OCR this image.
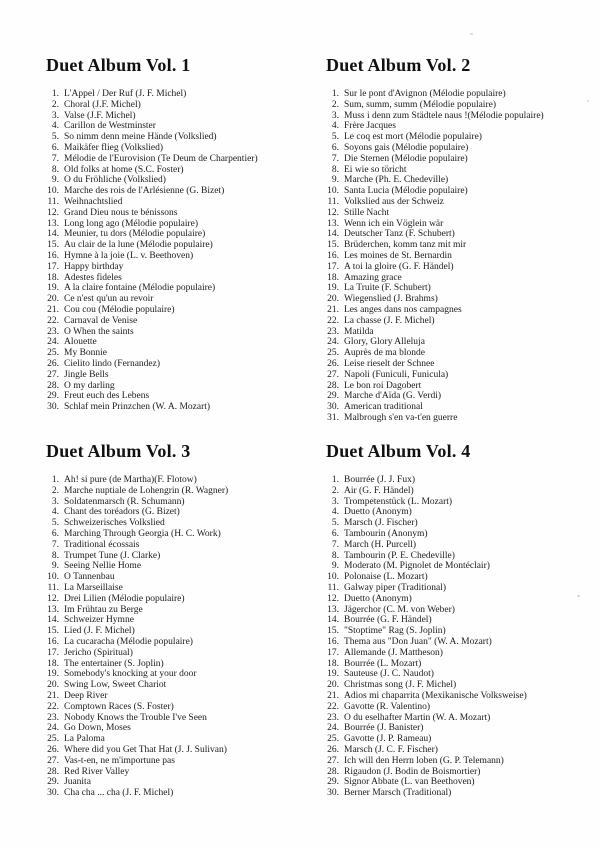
Duet Album Vol. 1
1. L'Appel / Der Ruf (J. F. Michel)
2. Choral (J.F. Michel)
3. Valse (J.F. Michel)
4. Carillon de Westminster
5. So nimm denn meine Hände (Volkslied)
6. Maikäfer flieg (Volkslied)
7. Mélodie de l'Eurovision (Te Deum de Charpentier)
8. Old folks at home (S.C. Foster)
9. O du Fröhliche (Volkslied)
10. Marche des rois de l'Arlésienne (G. Bizet)
11. Weihnachtslied
12. Grand Dieu nous te bénissons
13. Long long ago (Mélodie populaire)
14. Meunier, tu dors (Mélodie populaire)
15. Au clair de la lune (Mélodie populaire)
16. Hymne à la joie (L. v. Beethoven)
17. Happy birthday
18. Adestes fideles
19. A la claire fontaine (Mélodie populaire)
20. Ce n'est qu'un au revoir
21. Cou cou (Mélodie populaire)
22. Carnaval de Venise
23. O When the saints
24. Alouette
25. My Bonnie
26. Cielito lindo (Fernandez)
27. Jingle Bells
28. O my darling
29. Freut euch des Lebens
30. Schlaf mein Prinzchen (W. A. Mozart)
Duet Album Vol. 2
1. Sur le pont d'Avignon (Mélodie populaire)
2. Sum, summ, summ (Mélodie populaire)
3. Muss i denn zum Städtele naus !(Mélodie populaire)
4. Frère Jacques
5. Le coq est mort (Mélodie populaire)
6. Soyons gais (Mélodie populaire)
7. Die Sternen (Mélodie populaire)
8. Ei wie so töricht
9. Marche (Ph. E. Chedeville)
10. Santa Lucia (Mélodie populaire)
11. Volkslied aus der Schweiz
12. Stille Nacht
13. Wenn ich ein Vöglein wär
14. Deutscher Tanz (F. Schubert)
15. Brüderchen, komm tanz mit mir
16. Les moines de St. Bernardin
17. A toi la gloire (G. F. Händel)
18. Amazing grace
19. La Truite (F. Schubert)
20. Wiegenslied (J. Brahms)
21. Les anges dans nos campagnes
22. La chasse (J. F. Michel)
23. Matilda
24. Glory, Glory Alleluja
25. Auprès de ma blonde
26. Leise rieselt der Schnee
27. Napoli (Funiculi, Funicula)
28. Le bon roi Dagobert
29. Marche d'Aïda (G. Verdi)
30. American traditional
31. Malbrough s'en va-t'en guerre
Duet Album Vol. 3
1. Ah! si pure (de Martha)(F. Flotow)
2. Marche nuptiale de Lohengrin (R. Wagner)
3. Soldatenmarsch (R. Schumann)
4. Chant des toréadors (G. Bizet)
5. Schweizerisches Volkslied
6. Marching Through Georgia (H. C. Work)
7. Traditional écossais
8. Trumpet Tune (J. Clarke)
9. Seeing Nellie Home
10. O Tannenbau
11. La Marseillaise
12. Drei Lilien (Mélodie populaire)
13. Im Frühtau zu Berge
14. Schweizer Hymne
15. Lied (J. F. Michel)
16. La cucaracha (Mélodie populaire)
17. Jericho (Spiritual)
18. The entertainer (S. Joplin)
19. Somebody's knocking at your door
20. Swing Low, Sweet Chariot
21. Deep River
22. Comptown Races (S. Foster)
23. Nobody Knows the Trouble I've Seen
24. Go Down, Moses
25. La Paloma
26. Where did you Get That Hat (J. J. Sulivan)
27. Vas-t-en, ne m'importune pas
28. Red River Valley
29. Juanita
30. Cha cha ... cha (J. F. Michel)
Duet Album Vol. 4
1. Bourrée (J. J. Fux)
2. Air (G. F. Händel)
3. Trompetenstück (L. Mozart)
4. Duetto (Anonym)
5. Marsch (J. Fischer)
6. Tambourin (Anonym)
7. March (H. Purcell)
8. Tambourin (P. E. Chedeville)
9. Moderato (M. Pignolet de Montéclair)
10. Polonaise (L. Mozart)
11. Galway piper (Traditional)
12. Duetto (Anonym)
13. Jägerchor (C. M. von Weber)
14. Bourrée (G. F. Händel)
15. "Stoptime" Rag (S. Joplin)
16. Thema aus "Don Juan" (W. A. Mozart)
17. Allemande (J. Mattheson)
18. Bourrée (L. Mozart)
19. Sauteuse (J. C. Naudot)
20. Christmas song (J. F. Michel)
21. Adios mi chaparrita (Mexikanische Volksweise)
22. Gavotte (R. Valentino)
23. O du eselhafter Martin (W. A. Mozart)
24. Bourrée (J. Banister)
25. Gavotte (J. P. Rameau)
26. Marsch (J. C. F. Fischer)
27. Ich will den Herrn loben (G. P. Telemann)
28. Rigaudon (J. Bodin de Boismortier)
29. Signor Abbate (L. van Beethoven)
30. Berner Marsch (Traditional)
